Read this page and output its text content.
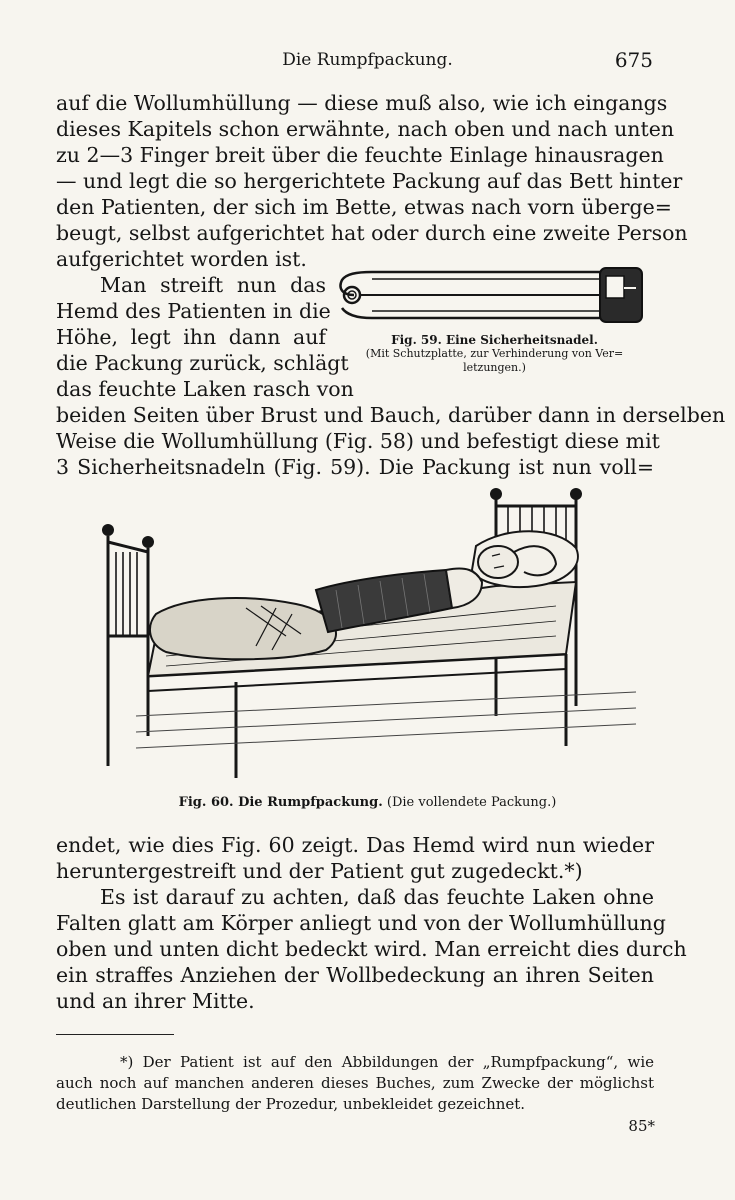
Die Rumpfpackung.	675
auf die Wollumhüllung — diese muß also, wie ich eingangs
dieses Kapitels schon erwähnte, nach oben und nach unten
zu 2—3 Finger breit über die feuchte Einlage hinausragen
— und legt die so hergerichtete Packung auf das Bett hinter
den Patienten, der sich im Bette, etwas nach vorn überge=
beugt, selbst aufgerichtet hat oder durch eine zweite Person
aufgerichtet worden ist.
Man streift nun das
Hemd des Patienten in die
Höhe, legt ihn dann auf
die Packung zurück, schlägt
das feuchte Laken rasch von
Fig. 59. Eine Sicherheitsnadel.
(Mit Schutzplatte, zur Verhinderung von Ver=
letzungen.)
beiden Seiten über Brust und Bauch, darüber dann in derselben
Weise die Wollumhüllung (Fig. 58) und befestigt diese mit
3 Sicherheitsnadeln (Fig. 59). Die Packung ist nun voll=
Fig. 60. Die Rumpfpackung. (Die vollendete Packung.)
endet, wie dies Fig. 60 zeigt. Das Hemd wird nun wieder
heruntergestreift und der Patient gut zugedeckt.*)
Es ist darauf zu achten, daß das feuchte Laken ohne
Falten glatt am Körper anliegt und von der Wollumhüllung
oben und unten dicht bedeckt wird. Man erreicht dies durch
ein straffes Anziehen der Wollbedeckung an ihren Seiten
und an ihrer Mitte.
*) Der Patient ist auf den Abbildungen der „Rumpfpackung“, wie
auch noch auf manchen anderen dieses Buches, zum Zwecke der möglichst
deutlichen Darstellung der Prozedur, unbekleidet gezeichnet.
85*
